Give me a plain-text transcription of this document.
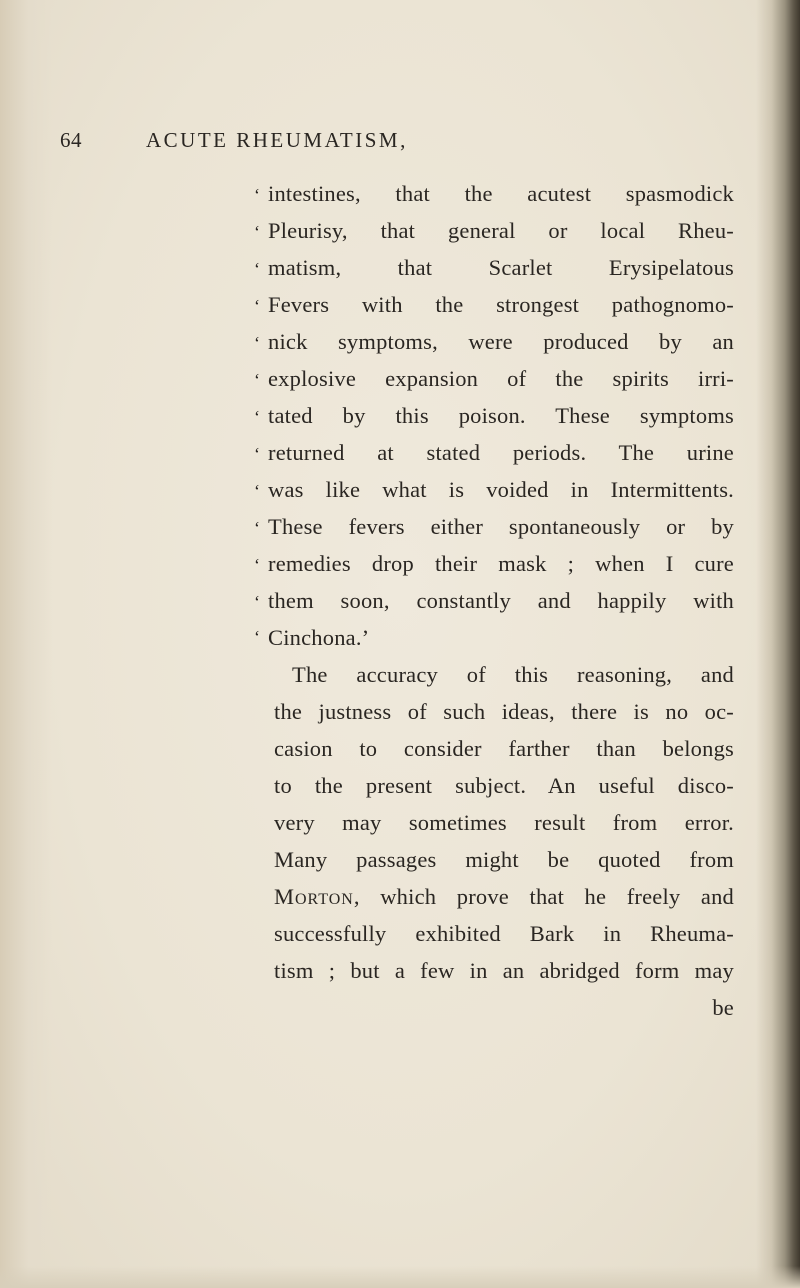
64	ACUTE RHEUMATISM,
‘ intestines, that the acutest spasmodick
‘ Pleurisy, that general or local Rheu-
‘ matism, that Scarlet Erysipelatous
‘ Fevers with the strongest pathognomo-
‘ nick symptoms, were produced by an
‘ explosive expansion of the spirits irri-
‘ tated by this poison. These symptoms
‘ returned at stated periods. The urine
‘ was like what is voided in Intermittents.
‘ These fevers either spontaneously or by
‘ remedies drop their mask ; when I cure
‘ them soon, constantly and happily with
‘ Cinchona.’
The accuracy of this reasoning, and
the justness of such ideas, there is no oc-
casion to consider farther than belongs
to the present subject. An useful disco-
very may sometimes result from error.
Many passages might be quoted from
Morton, which prove that he freely and
successfully exhibited Bark in Rheuma-
tism ; but a few in an abridged form may
be
